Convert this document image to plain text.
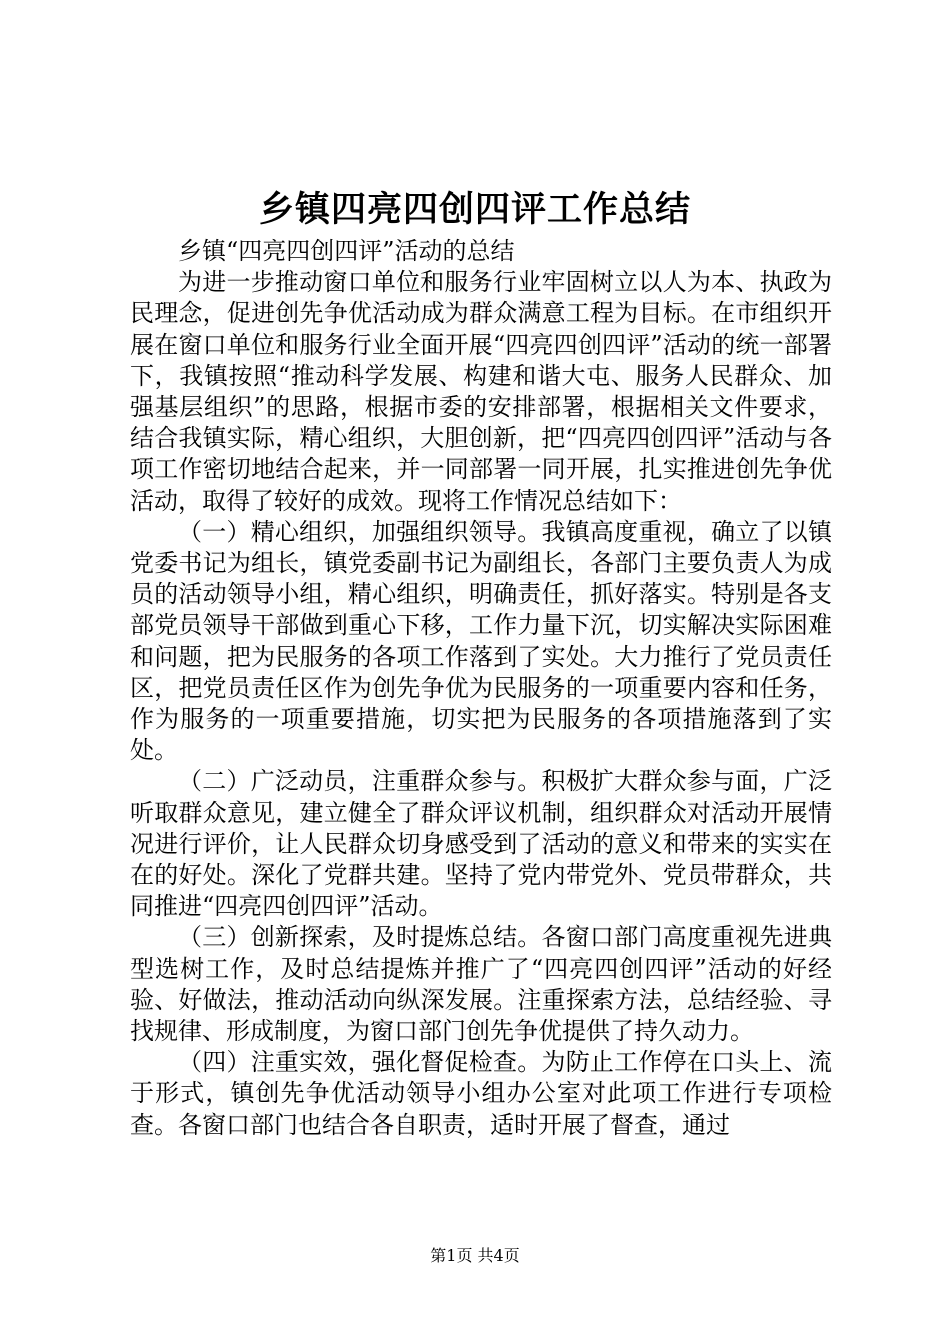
乡镇四亮四创四评工作总结

乡镇“四亮四创四评”活动的总结

为进一步推动窗口单位和服务行业牢固树立以人为本、执政为民理念，促进创先争优活动成为群众满意工程为目标。在市组织开展在窗口单位和服务行业全面开展“四亮四创四评”活动的统一部署下，我镇按照“推动科学发展、构建和谐大屯、服务人民群众、加强基层组织”的思路，根据市委的安排部署，根据相关文件要求，结合我镇实际，精心组织，大胆创新，把“四亮四创四评”活动与各项工作密切地结合起来，并一同部署一同开展，扎实推进创先争优活动，取得了较好的成效。现将工作情况总结如下：

（一）精心组织，加强组织领导。我镇高度重视，确立了以镇党委书记为组长，镇党委副书记为副组长，各部门主要负责人为成员的活动领导小组，精心组织，明确责任，抓好落实。特别是各支部党员领导干部做到重心下移，工作力量下沉，切实解决实际困难和问题，把为民服务的各项工作落到了实处。大力推行了党员责任区，把党员责任区作为创先争优为民服务的一项重要内容和任务，作为服务的一项重要措施，切实把为民服务的各项措施落到了实处。

（二）广泛动员，注重群众参与。积极扩大群众参与面，广泛听取群众意见，建立健全了群众评议机制，组织群众对活动开展情况进行评价，让人民群众切身感受到了活动的意义和带来的实实在在的好处。深化了党群共建。坚持了党内带党外、党员带群众，共同推进“四亮四创四评”活动。

（三）创新探索，及时提炼总结。各窗口部门高度重视先进典型选树工作，及时总结提炼并推广了“四亮四创四评”活动的好经验、好做法，推动活动向纵深发展。注重探索方法，总结经验、寻找规律、形成制度，为窗口部门创先争优提供了持久动力。

（四）注重实效，强化督促检查。为防止工作停在口头上、流于形式，镇创先争优活动领导小组办公室对此项工作进行专项检查。各窗口部门也结合各自职责，适时开展了督查，通过

第1页 共4页
